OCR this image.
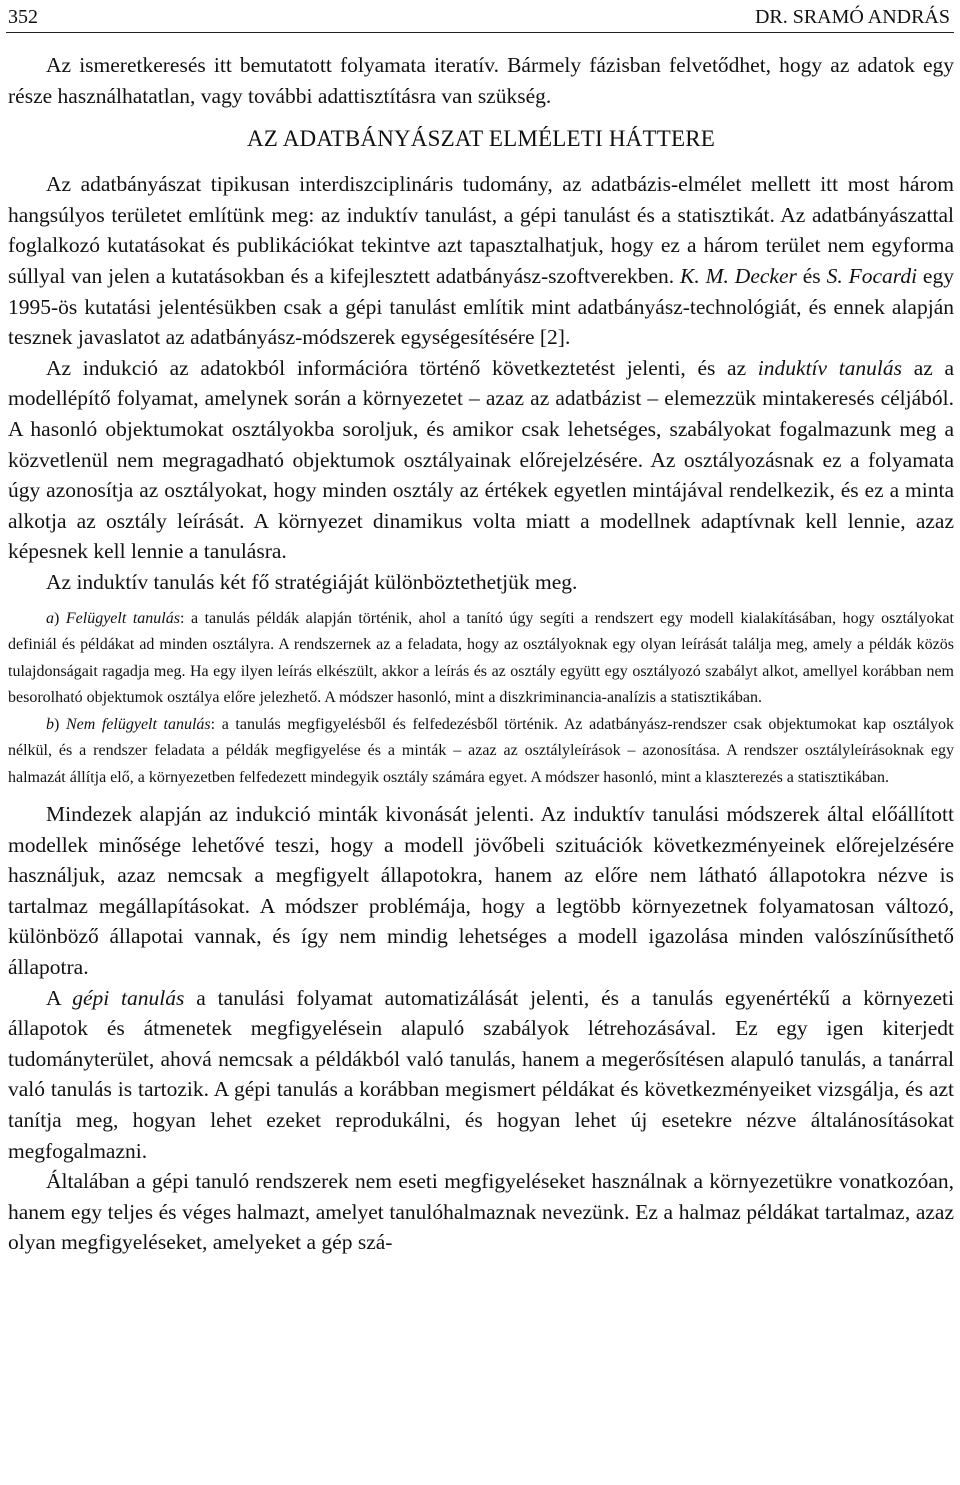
352	DR. SRAMÓ ANDRÁS

Az ismeretkeresés itt bemutatott folyamata iteratív. Bármely fázisban felvetődhet, hogy az adatok egy része használhatatlan, vagy további adattisztításra van szükség.

AZ ADATBÁNYÁSZAT ELMÉLETI HÁTTERE

Az adatbányászat tipikusan interdiszciplináris tudomány, az adatbázis-elmélet mellett itt most három hangsúlyos területet említünk meg: az induktív tanulást, a gépi tanulást és a statisztikát. Az adatbányászattal foglalkozó kutatásokat és publikációkat tekintve azt tapasztalhatjuk, hogy ez a három terület nem egyforma súllyal van jelen a kutatásokban és a kifejlesztett adatbányász-szoftverekben. K. M. Decker és S. Focardi egy 1995-ös kutatási jelentésükben csak a gépi tanulást említik mint adatbányász-technológiát, és ennek alapján tesznek javaslatot az adatbányász-módszerek egységesítésére [2].

Az indukció az adatokból információra történő következtetést jelenti, és az induktív tanulás az a modellépítő folyamat, amelynek során a környezetet – azaz az adatbázist – elemezzük mintakeresés céljából. A hasonló objektumokat osztályokba soroljuk, és amikor csak lehetséges, szabályokat fogalmazunk meg a közvetlenül nem megragadható objektumok osztályainak előrejelzésére. Az osztályozásnak ez a folyamata úgy azonosítja az osztályokat, hogy minden osztály az értékek egyetlen mintájával rendelkezik, és ez a minta alkotja az osztály leírását. A környezet dinamikus volta miatt a modellnek adaptívnak kell lennie, azaz képesnek kell lennie a tanulásra.

Az induktív tanulás két fő stratégiáját különböztethetjük meg.

a) Felügyelt tanulás: a tanulás példák alapján történik, ahol a tanító úgy segíti a rendszert egy modell kialakításában, hogy osztályokat definiál és példákat ad minden osztályra. A rendszernek az a feladata, hogy az osztályoknak egy olyan leírását találja meg, amely a példák közös tulajdonságait ragadja meg. Ha egy ilyen leírás elkészült, akkor a leírás és az osztály együtt egy osztályozó szabályt alkot, amellyel korábban nem besorolható objektumok osztálya előre jelezhető. A módszer hasonló, mint a diszkriminancia-analízis a statisztikában.

b) Nem felügyelt tanulás: a tanulás megfigyelésből és felfedezésből történik. Az adatbányász-rendszer csak objektumokat kap osztályok nélkül, és a rendszer feladata a példák megfigyelése és a minták – azaz az osztályleírások – azonosítása. A rendszer osztályleírásoknak egy halmazát állítja elő, a környezetben felfedezett mindegyik osztály számára egyet. A módszer hasonló, mint a klaszterezés a statisztikában.

Mindezek alapján az indukció minták kivonását jelenti. Az induktív tanulási módszerek által előállított modellek minősége lehetővé teszi, hogy a modell jövőbeli szituációk következményeinek előrejelzésére használjuk, azaz nemcsak a megfigyelt állapotokra, hanem az előre nem látható állapotokra nézve is tartalmaz megállapításokat. A módszer problémája, hogy a legtöbb környezetnek folyamatosan változó, különböző állapotai vannak, és így nem mindig lehetséges a modell igazolása minden valószínűsíthető állapotra.

A gépi tanulás a tanulási folyamat automatizálását jelenti, és a tanulás egyenértékű a környezeti állapotok és átmenetek megfigyelésein alapuló szabályok létrehozásával. Ez egy igen kiterjedt tudományterület, ahová nemcsak a példákból való tanulás, hanem a megerősítésen alapuló tanulás, a tanárral való tanulás is tartozik. A gépi tanulás a korábban megismert példákat és következményeiket vizsgálja, és azt tanítja meg, hogyan lehet ezeket reprodukálni, és hogyan lehet új esetekre nézve általánosításokat megfogalmazni.

Általában a gépi tanuló rendszerek nem eseti megfigyeléseket használnak a környezetükre vonatkozóan, hanem egy teljes és véges halmazt, amelyet tanulóhalmaznak nevezünk. Ez a halmaz példákat tartalmaz, azaz olyan megfigyeléseket, amelyeket a gép szá-
